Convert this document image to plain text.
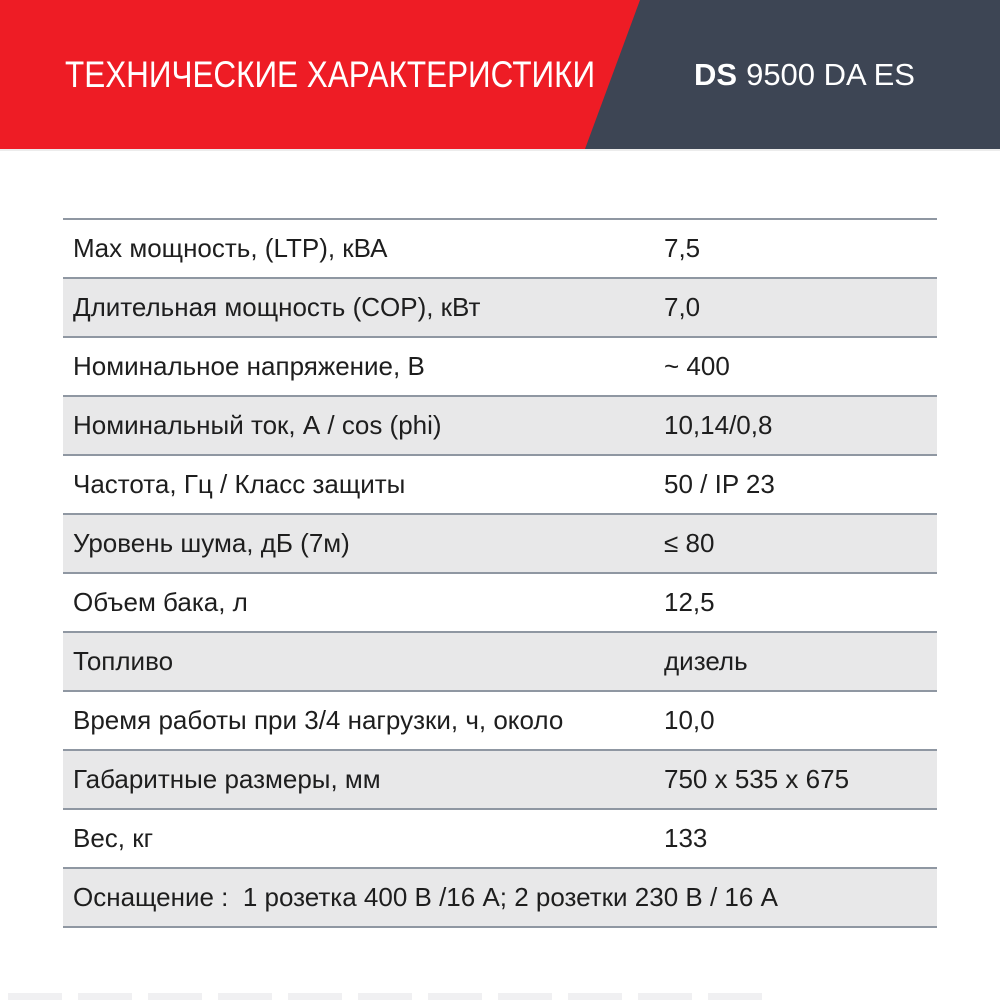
ТЕХНИЧЕСКИЕ ХАРАКТЕРИСТИКИ	DS 9500 DA ES
Max мощность, (LTP), кВА	7,5
Длительная мощность (COP), кВт	7,0
Номинальное напряжение, В	~ 400
Номинальный ток, А / cos (phi)	10,14/0,8
Частота, Гц / Класс защиты	50 / IP 23
Уровень шума, дБ (7м)	≤ 80
Объем бака, л	12,5
Топливо	дизель
Время работы при 3/4 нагрузки, ч, около	10,0
Габаритные размеры, мм	750 x 535 x 675
Вес, кг	133
Оснащение :  1 розетка 400 В /16 А; 2 розетки 230 В / 16 А
